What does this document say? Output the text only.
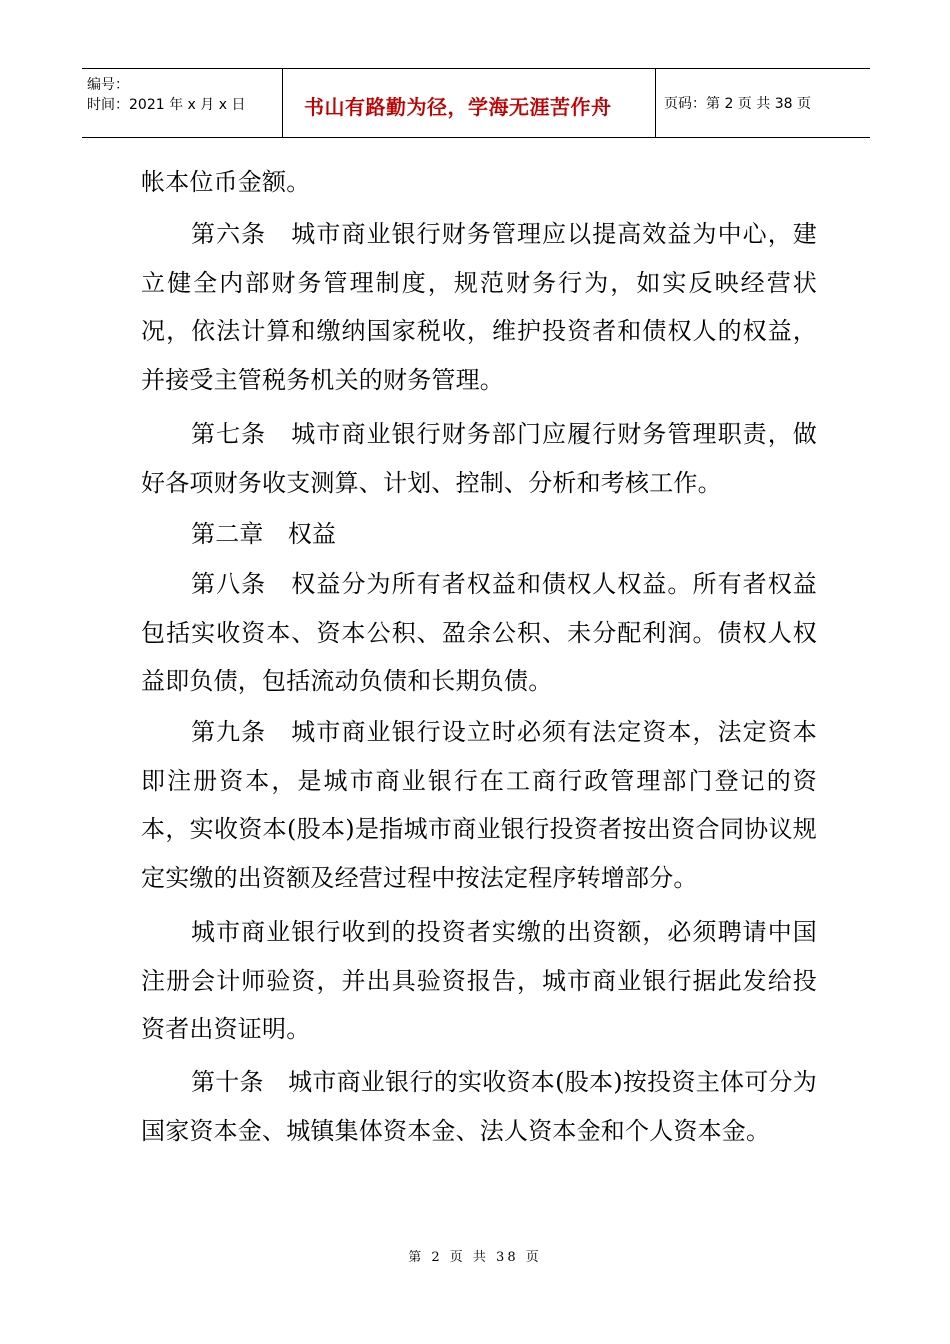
编号：
时间：2021 年 x 月 x 日	书山有路勤为径，学海无涯苦作舟	页码：第 2 页 共 38 页

帐本位币金额。

第六条　城市商业银行财务管理应以提高效益为中心，建立健全内部财务管理制度，规范财务行为，如实反映经营状况，依法计算和缴纳国家税收，维护投资者和债权人的权益，并接受主管税务机关的财务管理。

第七条　城市商业银行财务部门应履行财务管理职责，做好各项财务收支测算、计划、控制、分析和考核工作。

第二章　权益

第八条　权益分为所有者权益和债权人权益。所有者权益包括实收资本、资本公积、盈余公积、未分配利润。债权人权益即负债，包括流动负债和长期负债。

第九条　城市商业银行设立时必须有法定资本，法定资本即注册资本，是城市商业银行在工商行政管理部门登记的资本，实收资本(股本)是指城市商业银行投资者按出资合同协议规定实缴的出资额及经营过程中按法定程序转增部分。

城市商业银行收到的投资者实缴的出资额，必须聘请中国注册会计师验资，并出具验资报告，城市商业银行据此发给投资者出资证明。

第十条　城市商业银行的实收资本(股本)按投资主体可分为国家资本金、城镇集体资本金、法人资本金和个人资本金。

第 2 页 共 38 页
